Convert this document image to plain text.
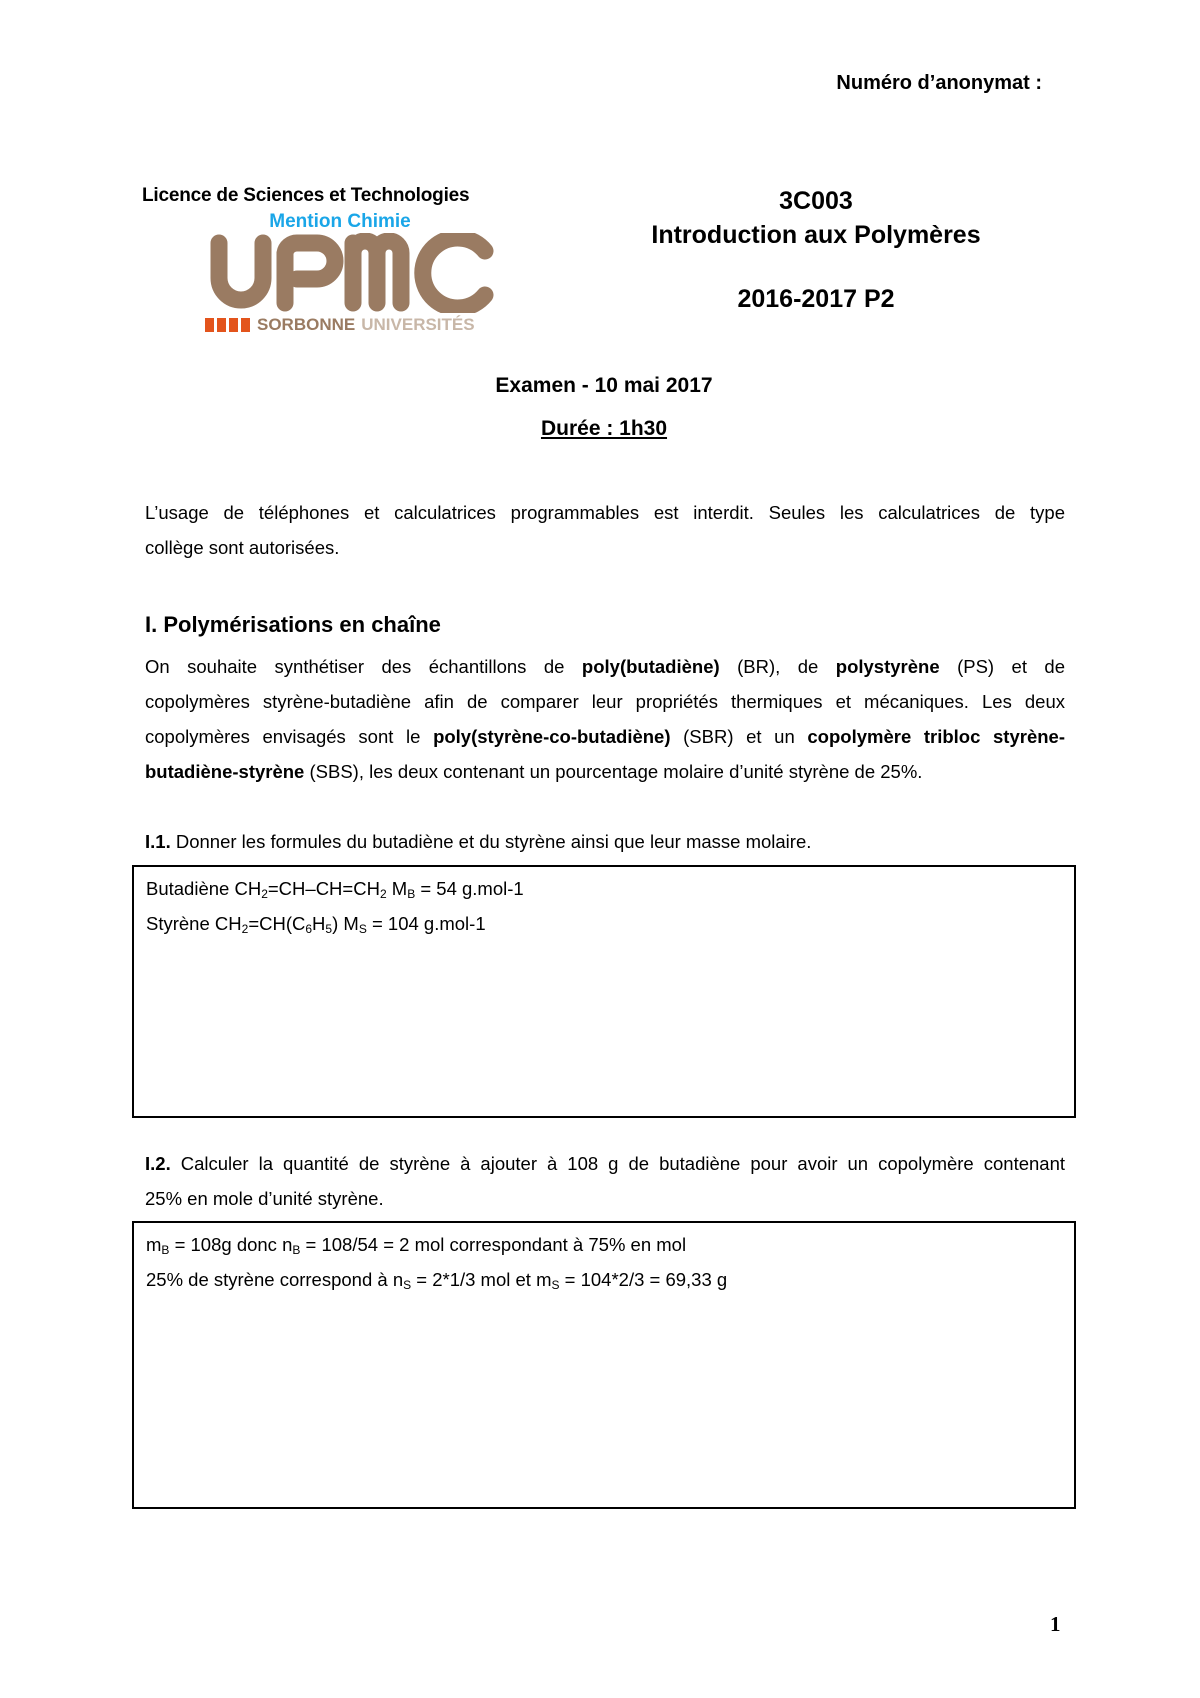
Numéro d’anonymat :
Licence de Sciences et Technologies
Mention Chimie
SORBONNE UNIVERSITÉS
3C003
Introduction aux Polymères
2016-2017 P2
Examen - 10 mai 2017
Durée : 1h30
L’usage de téléphones et calculatrices programmables est interdit. Seules les calculatrices de type
collège sont autorisées.
I. Polymérisations en chaîne
On souhaite synthétiser des échantillons de poly(butadiène) (BR), de polystyrène (PS) et de
copolymères styrène-butadiène afin de comparer leur propriétés thermiques et mécaniques. Les deux
copolymères envisagés sont le poly(styrène-co-butadiène) (SBR) et un copolymère tribloc styrène-
butadiène-styrène (SBS), les deux contenant un pourcentage molaire d’unité styrène de 25%.
I.1. Donner les formules du butadiène et du styrène ainsi que leur masse molaire.
Butadiène $CH_2=CH-CH=CH_2$ $M_B = 54$ g.mol-1
Styrène $CH_2=CH(C_6H_5) M_S = 104$ g.mol-1
I.2. Calculer la quantité de styrène à ajouter à 108 g de butadiène pour avoir un copolymère contenant
25% en mole d’unité styrène.
$m_B = 108g$ donc $n_B = 108/54 = 2$ mol correspondant à 75% en mol
25% de styrène correspond à $n_S = 2*1/3$ mol et $m_S = 104*2/3 = 69,33$ g
1
